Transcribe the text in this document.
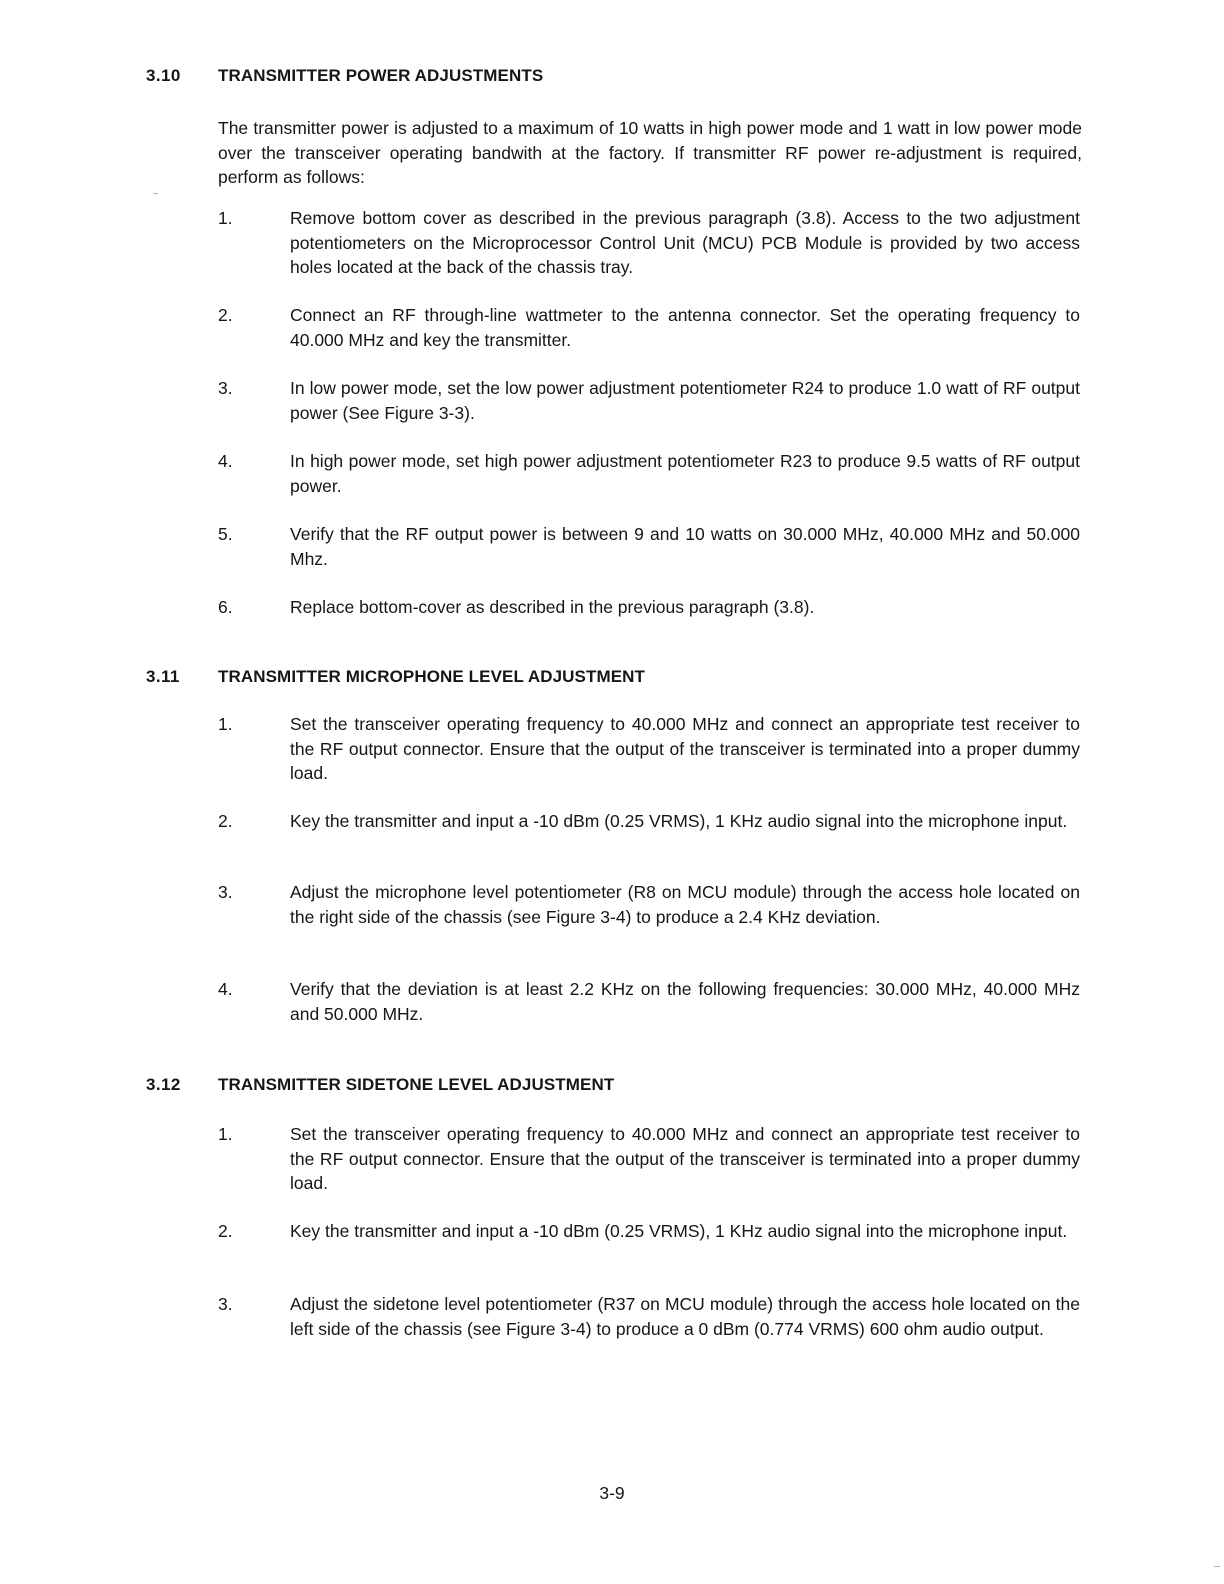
3.10 TRANSMITTER POWER ADJUSTMENTS
The transmitter power is adjusted to a maximum of 10 watts in high power mode and 1 watt in low power mode over the transceiver operating bandwith at the factory. If transmitter RF power re-adjustment is required, perform as follows:
1.	Remove bottom cover as described in the previous paragraph (3.8). Access to the two adjustment potentiometers on the Microprocessor Control Unit (MCU) PCB Module is provided by two access holes located at the back of the chassis tray.
2.	Connect an RF through-line wattmeter to the antenna connector. Set the operating frequency to 40.000 MHz and key the transmitter.
3.	In low power mode, set the low power adjustment potentiometer R24 to produce 1.0 watt of RF output power (See Figure 3-3).
4.	In high power mode, set high power adjustment potentiometer R23 to produce 9.5 watts of RF output power.
5.	Verify that the RF output power is between 9 and 10 watts on 30.000 MHz, 40.000 MHz and 50.000 Mhz.
6.	Replace bottom-cover as described in the previous paragraph (3.8).
3.11 TRANSMITTER MICROPHONE LEVEL ADJUSTMENT
1.	Set the transceiver operating frequency to 40.000 MHz and connect an appropriate test receiver to the RF output connector. Ensure that the output of the transceiver is terminated into a proper dummy load.
2.	Key the transmitter and input a -10 dBm (0.25 VRMS), 1 KHz audio signal into the microphone input.
3.	Adjust the microphone level potentiometer (R8 on MCU module) through the access hole located on the right side of the chassis (see Figure 3-4) to produce a 2.4 KHz deviation.
4.	Verify that the deviation is at least 2.2 KHz on the following frequencies: 30.000 MHz, 40.000 MHz and 50.000 MHz.
3.12 TRANSMITTER SIDETONE LEVEL ADJUSTMENT
1.	Set the transceiver operating frequency to 40.000 MHz and connect an appropriate test receiver to the RF output connector. Ensure that the output of the transceiver is terminated into a proper dummy load.
2.	Key the transmitter and input a -10 dBm (0.25 VRMS), 1 KHz audio signal into the microphone input.
3.	Adjust the sidetone level potentiometer (R37 on MCU module) through the access hole located on the left side of the chassis (see Figure 3-4) to produce a 0 dBm (0.774 VRMS) 600 ohm audio output.
3-9
